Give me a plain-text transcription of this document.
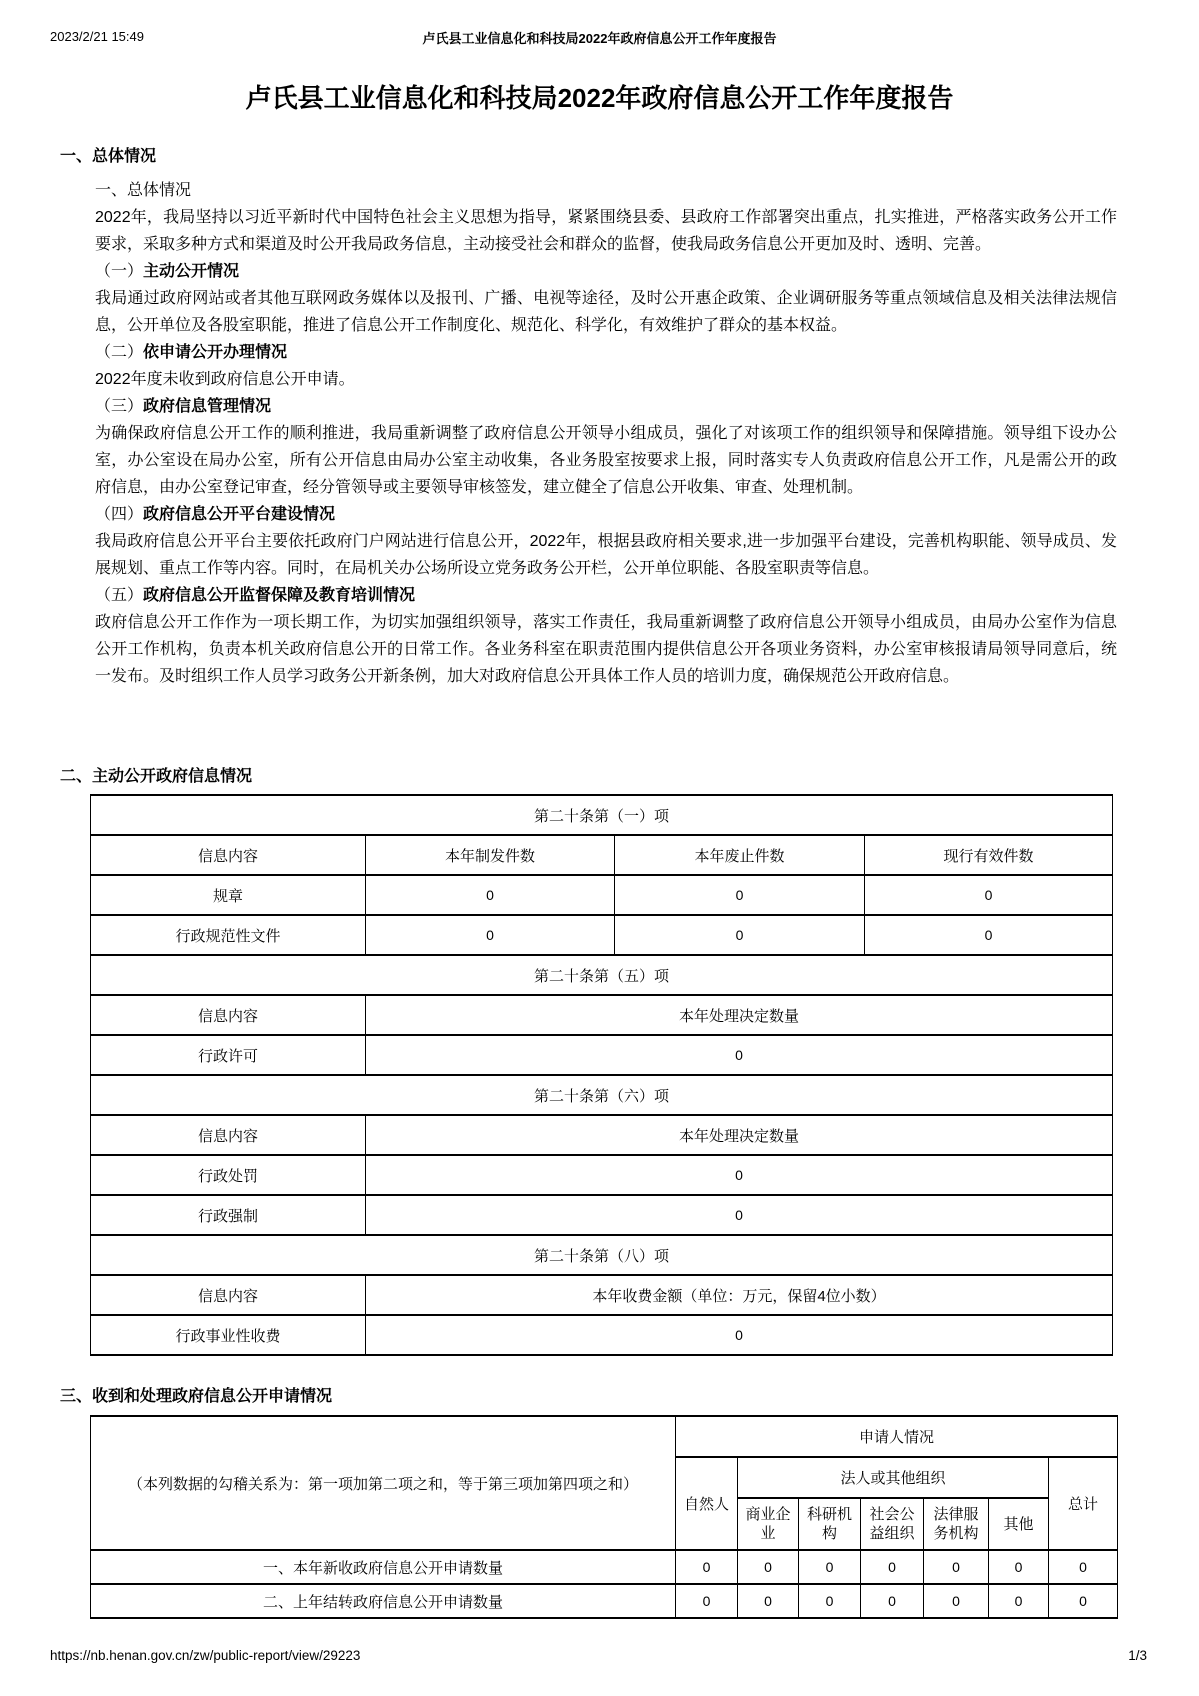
2023/2/21 15:49	卢氏县工业信息化和科技局2022年政府信息公开工作年度报告
卢氏县工业信息化和科技局2022年政府信息公开工作年度报告
一、总体情况

一、总体情况

2022年，我局坚持以习近平新时代中国特色社会主义思想为指导，紧紧围绕县委、县政府工作部署突出重点，扎实推进，严格落实政务公开工作要求，采取多种方式和渠道及时公开我局政务信息，主动接受社会和群众的监督，使我局政务信息公开更加及时、透明、完善。

（一）主动公开情况

我局通过政府网站或者其他互联网政务媒体以及报刊、广播、电视等途径，及时公开惠企政策、企业调研服务等重点领域信息及相关法律法规信息，公开单位及各股室职能，推进了信息公开工作制度化、规范化、科学化，有效维护了群众的基本权益。

（二）依申请公开办理情况

2022年度未收到政府信息公开申请。

（三）政府信息管理情况

为确保政府信息公开工作的顺利推进，我局重新调整了政府信息公开领导小组成员，强化了对该项工作的组织领导和保障措施。领导组下设办公室，办公室设在局办公室，所有公开信息由局办公室主动收集，各业务股室按要求上报，同时落实专人负责政府信息公开工作，凡是需公开的政府信息，由办公室登记审查，经分管领导或主要领导审核签发，建立健全了信息公开收集、审查、处理机制。

（四）政府信息公开平台建设情况

我局政府信息公开平台主要依托政府门户网站进行信息公开，2022年，根据县政府相关要求,进一步加强平台建设，完善机构职能、领导成员、发展规划、重点工作等内容。同时，在局机关办公场所设立党务政务公开栏，公开单位职能、各股室职责等信息。

（五）政府信息公开监督保障及教育培训情况

政府信息公开工作作为一项长期工作，为切实加强组织领导，落实工作责任，我局重新调整了政府信息公开领导小组成员，由局办公室作为信息公开工作机构，负责本机关政府信息公开的日常工作。各业务科室在职责范围内提供信息公开各项业务资料，办公室审核报请局领导同意后，统一发布。及时组织工作人员学习政务公开新条例，加大对政府信息公开具体工作人员的培训力度，确保规范公开政府信息。

二、主动公开政府信息情况
第二十条第（一）项			
信息内容	本年制发件数	本年废止件数	现行有效件数
规章	0	0	0
行政规范性文件	0	0	0
第二十条第（五）项			
信息内容	本年处理决定数量		
行政许可	0		
第二十条第（六）项			
信息内容	本年处理决定数量		
行政处罚	0		
行政强制	0		
第二十条第（八）项			
信息内容	本年收费金额（单位：万元，保留4位小数）		
行政事业性收费	0		
三、收到和处理政府信息公开申请情况
（本列数据的勾稽关系为：第一项加第二项之和，等于第三项加第四项之和）	申请人情况						
	自然人	法人或其他组织					总计
		商业企业	科研机构	社会公益组织	法律服务机构	其他	
一、本年新收政府信息公开申请数量	0	0	0	0	0	0	0
二、上年结转政府信息公开申请数量	0	0	0	0	0	0	0
https://nb.henan.gov.cn/zw/public-report/view/29223	1/3
